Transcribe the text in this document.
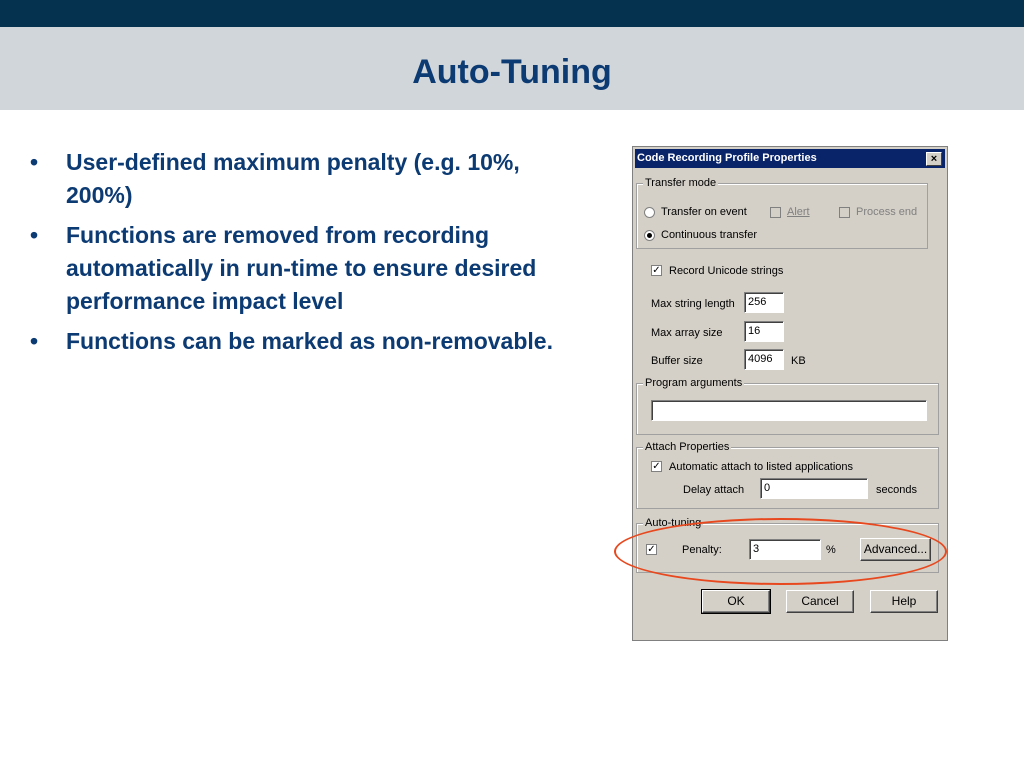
Auto-Tuning
• User-defined maximum penalty (e.g. 10%, 200%)
• Functions are removed from recording automatically in run-time to ensure desired performance impact level
• Functions can be marked as non-removable.
Code Recording Profile Properties	×
Transfer mode
Transfer on event	Alert	Process end
Continuous transfer
✓ Record Unicode strings
Max string length	256
Max array size	16
Buffer size	4096	KB
Program arguments
Attach Properties
✓ Automatic attach to listed applications
Delay attach	0	seconds
Auto-tuning
✓ Penalty:	3	%	Advanced...
OK	Cancel	Help
